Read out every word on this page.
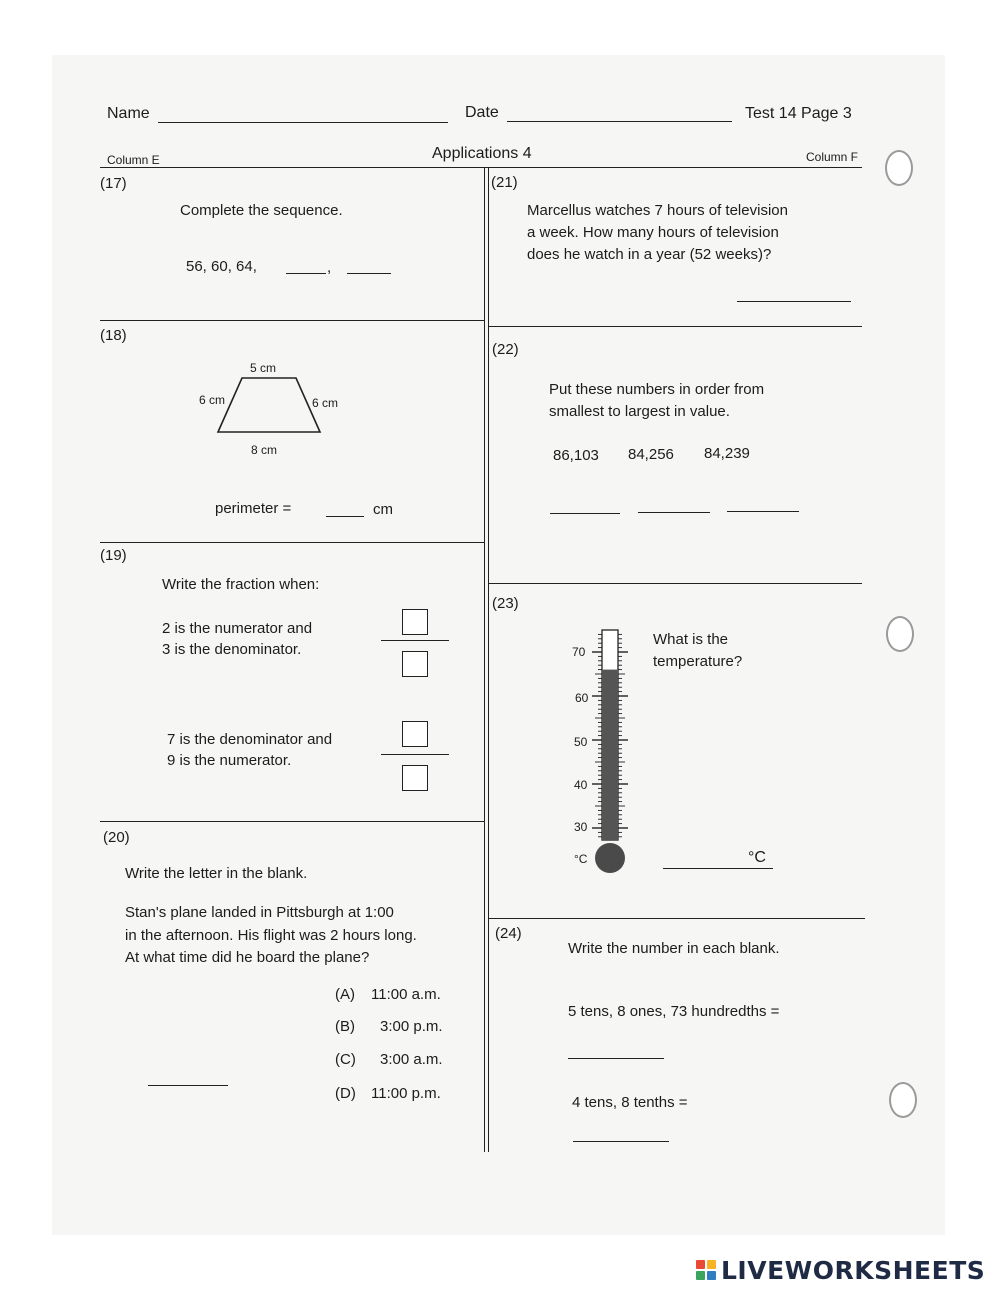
Name	Date	Test 14 Page 3
Column E	Applications 4	Column F
(17)
Complete the sequence.
56, 60, 64,	,
(18)
5 cm
6 cm	6 cm
8 cm
perimeter =	cm
(19)
Write the fraction when:
2 is the numerator and
3 is the denominator.
7 is the denominator and
9 is the numerator.
(20)
Write the letter in the blank.
Stan's plane landed in Pittsburgh at 1:00
in the afternoon. His flight was 2 hours long.
At what time did he board the plane?
(A) 11:00 a.m.
(B) 3:00 p.m.
(C) 3:00 a.m.
(D) 11:00 p.m.
(21)
Marcellus watches 7 hours of television
a week. How many hours of television
does he watch in a year (52 weeks)?
(22)
Put these numbers in order from
smallest to largest in value.
86,103 84,256 84,239
(23)
What is the
temperature?
70
60
50
40
30
°C	°C
(24)
Write the number in each blank.
5 tens, 8 ones, 73 hundredths =
4 tens, 8 tenths =
LIVEWORKSHEETS
